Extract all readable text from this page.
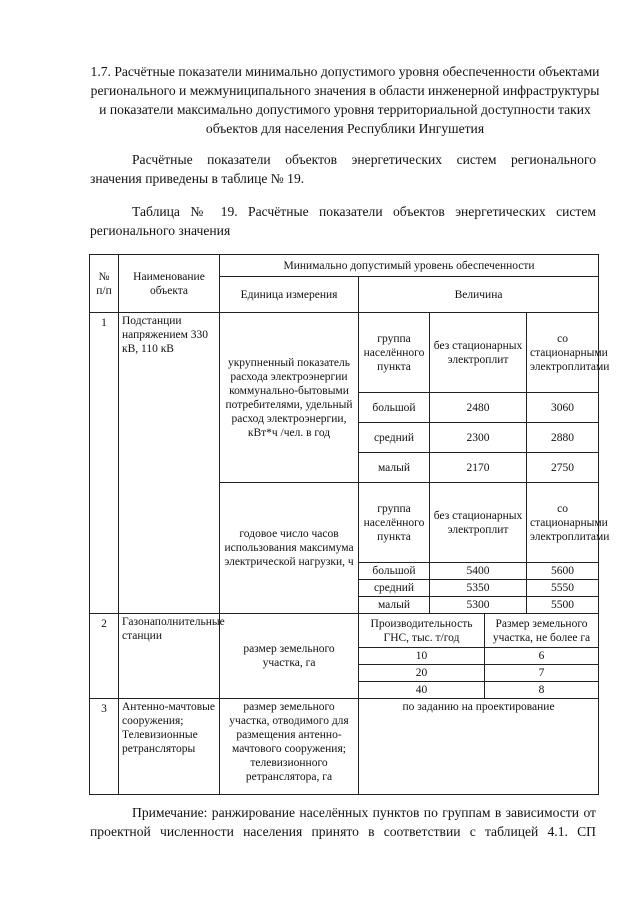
1.7. Расчётные показатели минимально допустимого уровня обеспеченности объектами регионального и межмуниципального значения в области инженерной инфраструктуры и показатели максимально допустимого уровня территориальной доступности таких объектов для населения Республики Ингушетия

Расчётные показатели объектов энергетических систем регионального

значения приведены в таблице № 19.

Таблица № 19. Расчётные показатели объектов энергетических систем

регионального значения

№ п/п	Наименование объекта	Минимально допустимый уровень обеспеченности				
		Единица измерения	Величина			
1	Подстанции напряжением 330 кВ, 110 кВ	укрупненный показатель расхода электроэнергии коммунально-бытовыми потребителями, удельный расход электроэнергии, кВт*ч /чел. в год	группа населённого пункта	без стационарных электроплит		со стационарными электроплитами
			большой	2480		3060
			средний	2300		2880
			малый	2170		2750
		годовое число часов использования максимума электрической нагрузки, ч	группа населённого пункта	без стационарных электроплит		со стационарными электроплитами
			большой	5400		5600
			средний	5350		5550
			малый	5300		5500
2	Газонаполнительные станции	размер земельного участка, га	Производительность ГНС, тыс. т/год		Размер земельного участка, не более га	
			10		6	
			20		7	
			40		8	
3	Антенно-мачтовые сооружения; Телевизионные ретрансляторы	размер земельного участка, отводимого для размещения антенно-мачтового сооружения; телевизионного ретранслятора, га	по заданию на проектирование			

Примечание: ранжирование населённых пунктов по группам в зависимости от

проектной численности населения принято в соответствии с таблицей 4.1. СП
